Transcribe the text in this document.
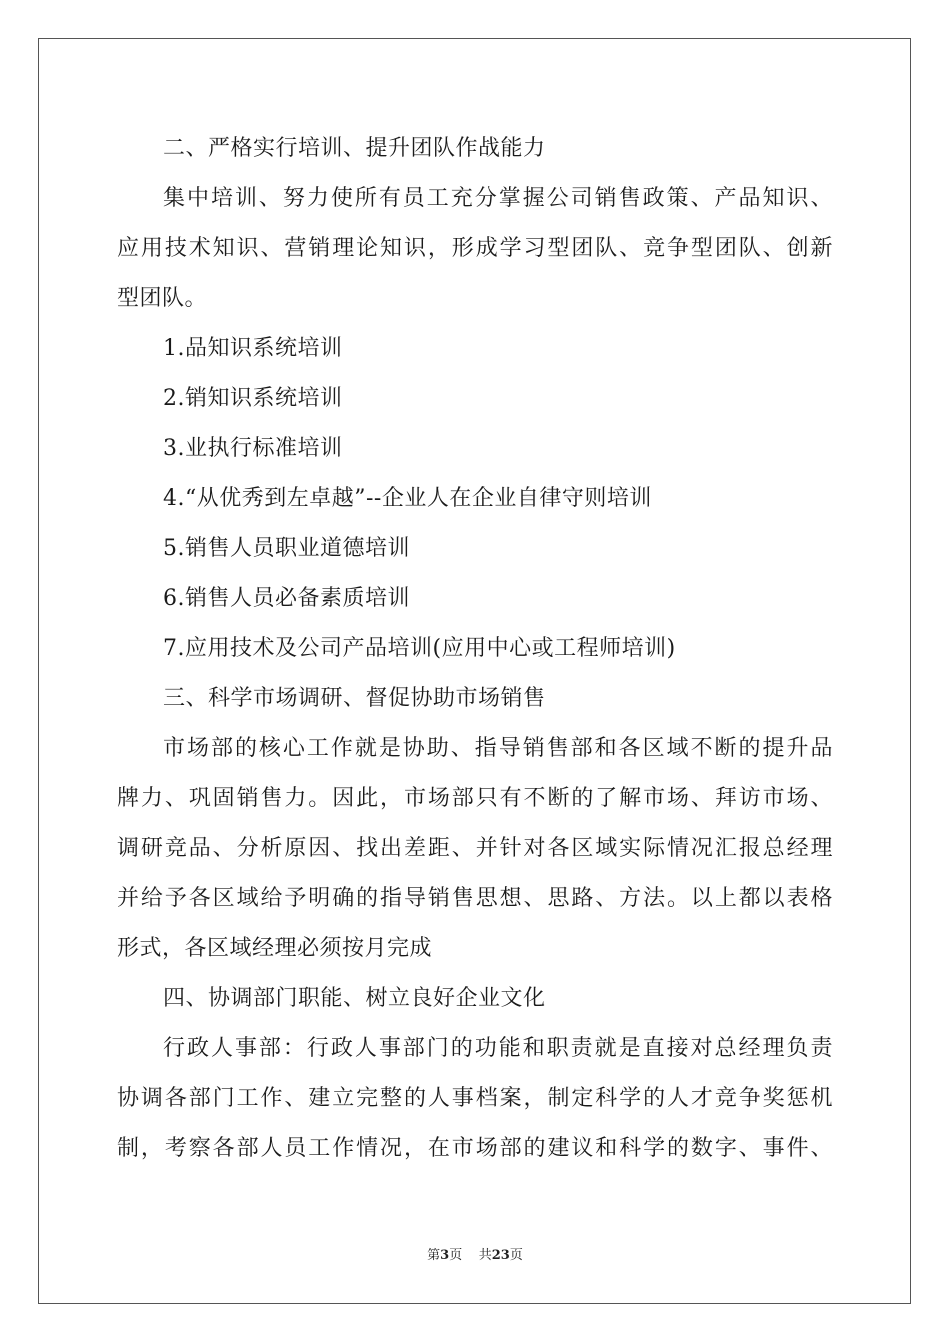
二、严格实行培训、提升团队作战能力
集中培训、努力使所有员工充分掌握公司销售政策、产品知识、
应用技术知识、营销理论知识，形成学习型团队、竞争型团队、创新
型团队。
1.品知识系统培训
2.销知识系统培训
3.业执行标准培训
4.“从优秀到左卓越”--企业人在企业自律守则培训
5.销售人员职业道德培训
6.销售人员必备素质培训
7.应用技术及公司产品培训(应用中心或工程师培训)
三、科学市场调研、督促协助市场销售
市场部的核心工作就是协助、指导销售部和各区域不断的提升品
牌力、巩固销售力。因此，市场部只有不断的了解市场、拜访市场、
调研竞品、分析原因、找出差距、并针对各区域实际情况汇报总经理
并给予各区域给予明确的指导销售思想、思路、方法。以上都以表格
形式，各区域经理必须按月完成
四、协调部门职能、树立良好企业文化
行政人事部：行政人事部门的功能和职责就是直接对总经理负责
协调各部门工作、建立完整的人事档案，制定科学的人才竞争奖惩机
制，考察各部人员工作情况，在市场部的建议和科学的数字、事件、
第3页 共23页
